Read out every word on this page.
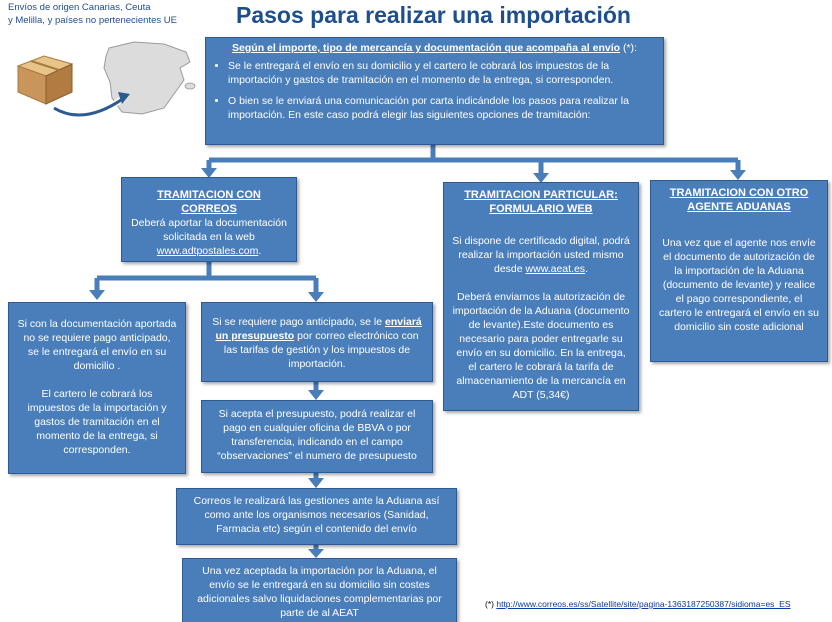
Envíos de origen Canarias, Ceuta
y Melilla, y países no pertenecientes UE	Pasos para realizar una importación
Según el importe, tipo de mercancía y documentación que acompaña al envío (*):
• Se le entregará el envío en su domicilio y el cartero le cobrará los impuestos de la importación y gastos de tramitación en el momento de la entrega, si corresponden.
• O bien se le enviará una comunicación por carta indicándole los pasos para realizar la importación. En este caso podrá elegir las siguientes opciones de tramitación:
TRAMITACION CON CORREOS
Deberá aportar la documentación solicitada en la web www.adtpostales.com.
TRAMITACION PARTICULAR: FORMULARIO WEB

Si dispone de certificado digital, podrá realizar la importación usted mismo desde www.aeat.es.

Deberá enviarnos la autorización de importación de la Aduana (documento de levante).Este documento es necesario para poder entregarle su envío en su domicilio. En la entrega, el cartero le cobrará la tarifa de almacenamiento de la mercancía en ADT (5,34€)

TRAMITACION CON OTRO AGENTE ADUANAS

Una vez que el agente nos envíe el documento de autorización de la importación de la Aduana (documento de levante) y realice el pago correspondiente, el cartero le entregará el envío en su domicilio sin coste adicional

Si con la documentación aportada no se requiere pago anticipado, se le entregará el envío en su domicilio .

El cartero le cobrará los impuestos de la importación y gastos de tramitación en el momento de la entrega, si corresponden.

Si se requiere pago anticipado, se le enviará un presupuesto por correo electrónico con las tarifas de gestión y los impuestos de importación.

Si acepta el presupuesto, podrá realizar el pago en cualquier oficina de BBVA o por transferencia, indicando en el campo “observaciones” el numero de presupuesto

Correos le realizará las gestiones ante la Aduana así como ante los organismos necesarios (Sanidad, Farmacia etc) según el contenido del envío

Una vez aceptada la importación por la Aduana, el envío se le entregará en su domicilio sin costes adicionales salvo liquidaciones complementarias por parte de al AEAT

(*) http://www.correos.es/ss/Satellite/site/pagina-1363187250387/sidioma=es_ES
